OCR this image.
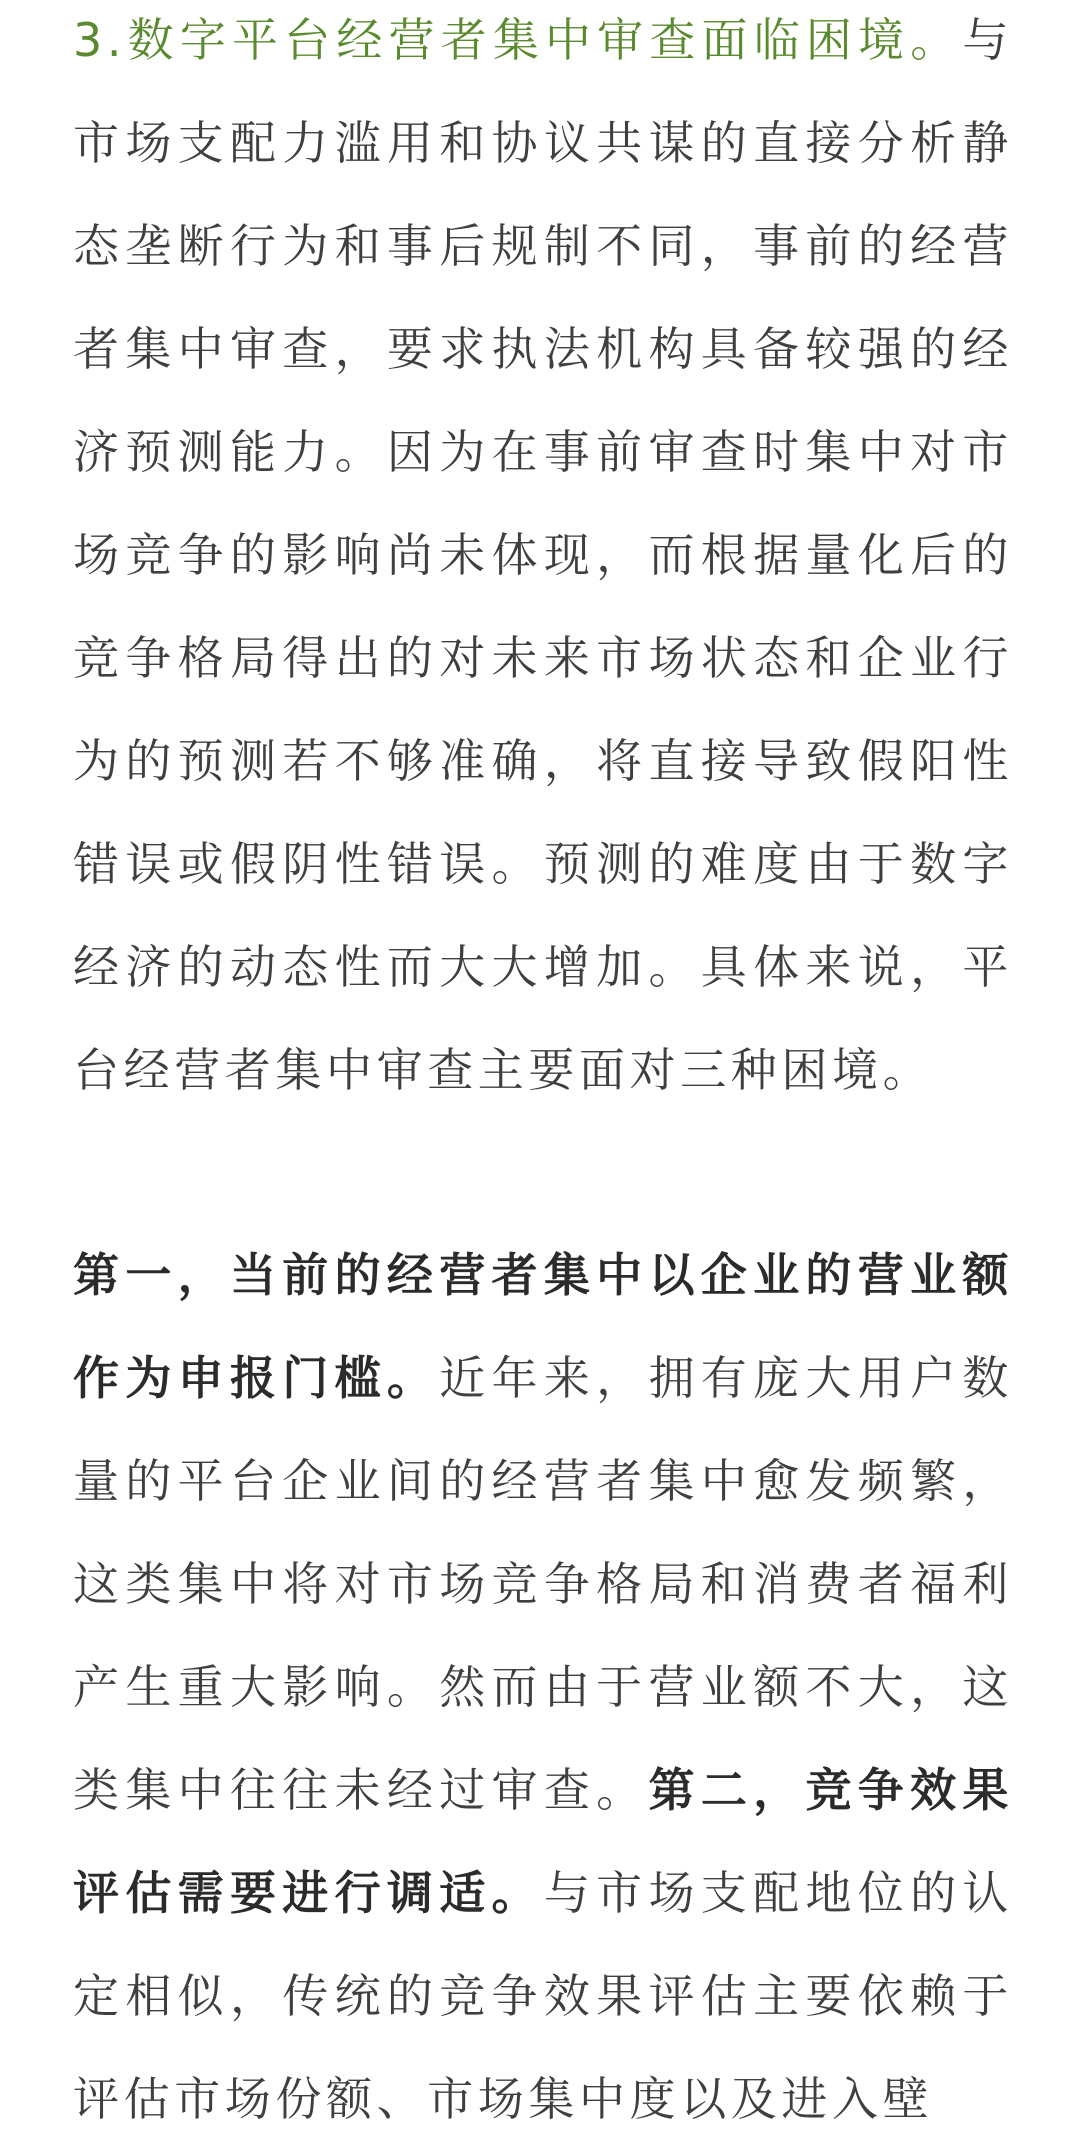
3.数字平台经营者集中审查面临困境。与市场支配力滥用和协议共谋的直接分析静态垄断行为和事后规制不同，事前的经营者集中审查，要求执法机构具备较强的经济预测能力。因为在事前审查时集中对市场竞争的影响尚未体现，而根据量化后的竞争格局得出的对未来市场状态和企业行为的预测若不够准确，将直接导致假阳性错误或假阴性错误。预测的难度由于数字经济的动态性而大大增加。具体来说，平台经营者集中审查主要面对三种困境。

第一，当前的经营者集中以企业的营业额作为申报门槛。近年来，拥有庞大用户数量的平台企业间的经营者集中愈发频繁，这类集中将对市场竞争格局和消费者福利产生重大影响。然而由于营业额不大，这类集中往往未经过审查。第二，竞争效果评估需要进行调适。与市场支配地位的认定相似，传统的竞争效果评估主要依赖于评估市场份额、市场集中度以及进入壁
